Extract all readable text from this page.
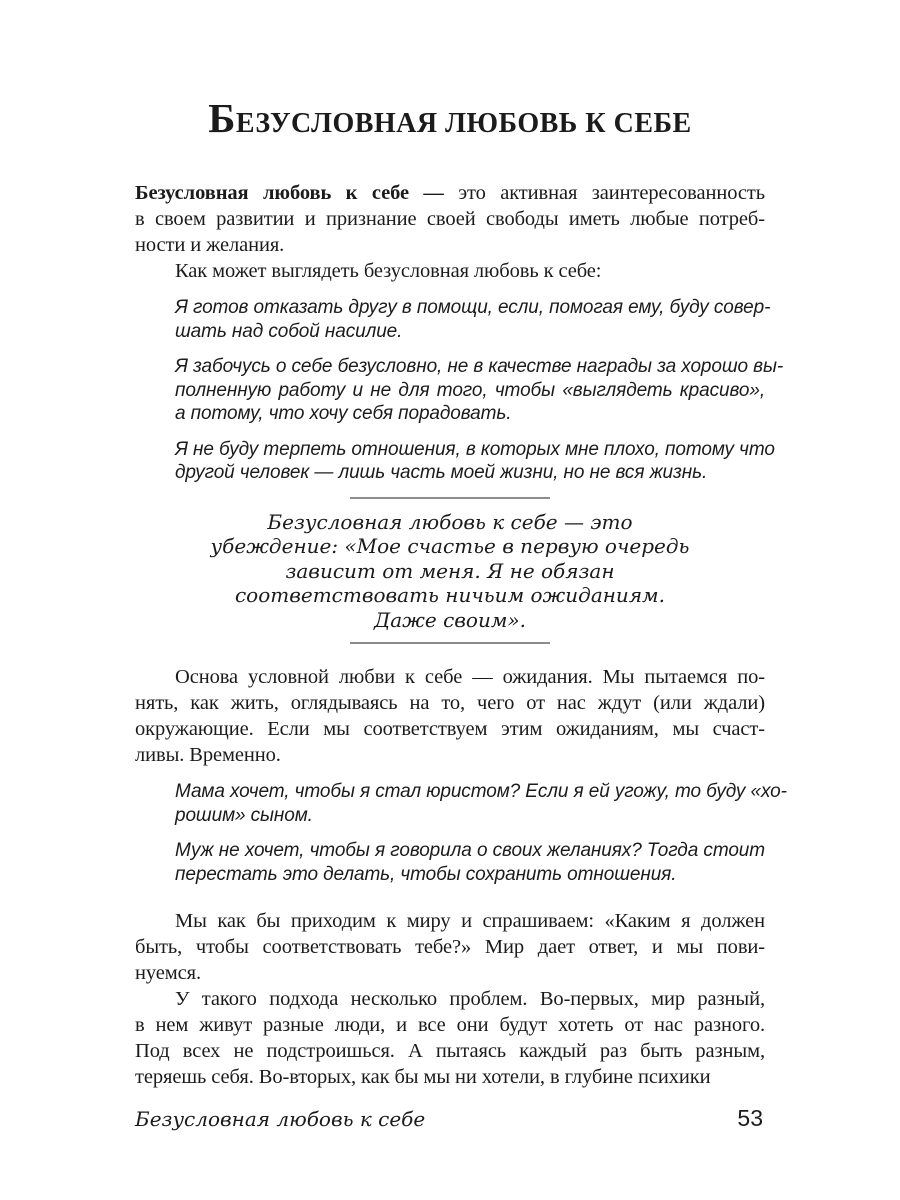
БЕЗУСЛОВНАЯ ЛЮБОВЬ К СЕБЕ
Безусловная любовь к себе — это активная заинтересованность
в своем развитии и признание своей свободы иметь любые потреб-
ности и желания.
Как может выглядеть безусловная любовь к себе:
Я готов отказать другу в помощи, если, помогая ему, буду совер-
шать над собой насилие.
Я забочусь о себе безусловно, не в качестве награды за хорошо вы-
полненную работу и не для того, чтобы «выглядеть красиво»,
а потому, что хочу себя порадовать.
Я не буду терпеть отношения, в которых мне плохо, потому что
другой человек — лишь часть моей жизни, но не вся жизнь.
Безусловная любовь к себе — это
убеждение: «Мое счастье в первую очередь
зависит от меня. Я не обязан
соответствовать ничьим ожиданиям.
Даже своим».
Основа условной любви к себе — ожидания. Мы пытаемся по-
нять, как жить, оглядываясь на то, чего от нас ждут (или ждали)
окружающие. Если мы соответствуем этим ожиданиям, мы счаст-
ливы. Временно.
Мама хочет, чтобы я стал юристом? Если я ей угожу, то буду «хо-
рошим» сыном.
Муж не хочет, чтобы я говорила о своих желаниях? Тогда стоит
перестать это делать, чтобы сохранить отношения.
Мы как бы приходим к миру и спрашиваем: «Каким я должен
быть, чтобы соответствовать тебе?» Мир дает ответ, и мы пови-
нуемся.
У такого подхода несколько проблем. Во-первых, мир разный,
в нем живут разные люди, и все они будут хотеть от нас разного.
Под всех не подстроишься. А пытаясь каждый раз быть разным,
теряешь себя. Во-вторых, как бы мы ни хотели, в глубине психики
Безусловная любовь к себе	53
